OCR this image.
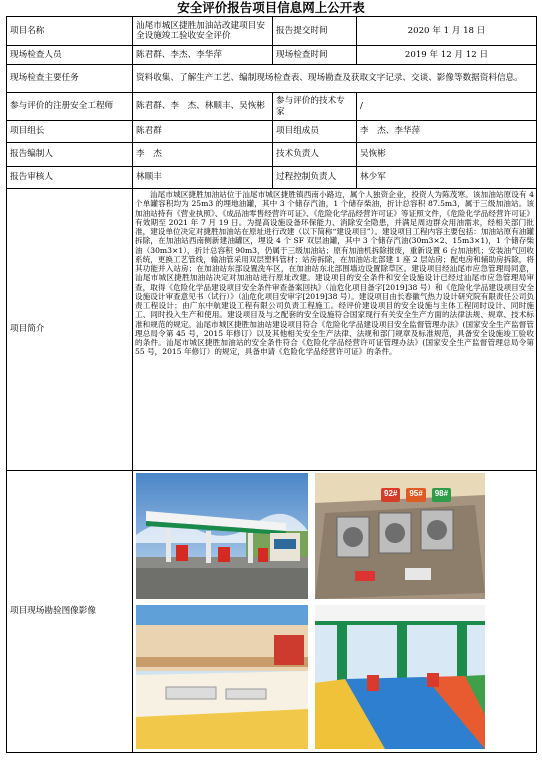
安全评价报告项目信息网上公开表
项目名称	汕尾市城区捷胜加油站改建项目安全设施竣工验收安全评价	报告提交时间	2020 年 1 月 18 日
现场检查人员	陈君群、李杰、李华萍	现场检查时间	2019 年 12 月 12 日
现场检查主要任务	资料收集、了解生产工艺、编制现场检查表、现场勘查及获取文字记录、交谈、影像等数据资料信息。		
参与评价的注册安全工程师	陈君群、李　杰、林顺丰、吴恢彬	参与评价的技术专家	/
项目组长	陈君群	项目组成员	李　杰、李华萍
报告编制人	李　杰	技术负责人	吴恢彬
报告审核人	林顺丰	过程控制负责人	林少军
项目简介	汕尾市城区捷胜加油站位于汕尾市城区捷胜镇西南小路边，属个人独资企业，投资人为陈茂寒。该加油站原设有 4 个单罐容积均为 25m3 的埋地油罐，其中 3 个储存汽油，1 个储存柴油，折计总容积 87.5m3，属于三级加油站。该加油站持有《营业执照》、《成品油零售经营许可证》、《危险化学品经营许可证》等证照文件，《危险化学品经营许可证》有效期至 2021 年 7 月 19 日。为提高设施设备环保能力、消除安全隐患，并满足周边群众用油需求，经相关部门批准，建设单位决定对捷胜加油站在原址进行改建（以下简称“建设项目”）。建设项目工程内容主要包括：加油站原有油罐拆除，在加油站西南侧新建油罐区，埋设 4 个 SF 双层油罐，其中 3 个储存汽油(30m3×2、15m3×1)，1 个储存柴油（30m3×1），折计总容积 90m3，仍属于三级加油站；原有加油机拆除报废，重新设置 6 台加油机；安装油气回收系统，更换工艺管线，输油管采用双层塑料管材；站房拆除，在加油站北部建 1 座 2 层站房；配电房和辅助房拆除，将其功能并入站房；在加油站东部设置洗车区，在加油站东北部围墙边设置除草区。建设项目经汕尾市应急管理局同意，汕尾市城区捷胜加油站决定对加油站进行原址改建。建设项目的安全条件和安全设施设计已经过汕尾市应急管理局审查，取得《危险化学品建设项目安全条件审查备案回执》（汕危化项目备字[2019]38 号）和《危险化学品建设项目安全设施设计审查意见书（试行）》（汕危化项目安审字[2019]38 号）。建设项目由长春徽气热力设计研究院有限责任公司负责工程设计；由广东中航建设工程有限公司负责工程施工。经评价建设项目的安全设施与主体工程同时设计、同时施工、同时投入生产和使用。建设项目及与之配套的安全设施符合国家现行有关安全生产方面的法律法规、规章、技术标准和规范的规定。汕尾市城区捷胜加油站建设项目符合《危险化学品建设项目安全监督管理办法》(国家安全生产监督管理总局令第 45 号，2015 年修订）以及其他相关安全生产法律、法规和部门规章及标准规范，具备安全设施竣工验收的条件。汕尾市城区捷胜加油站的安全条件符合《危险化学品经营许可证管理办法》(国家安全生产监督管理总局令第 55 号，2015 年修订）的规定，具备申请《危险化学品经营许可证》的条件。		
项目现场勘验图像影像	92# 95# 98#		
